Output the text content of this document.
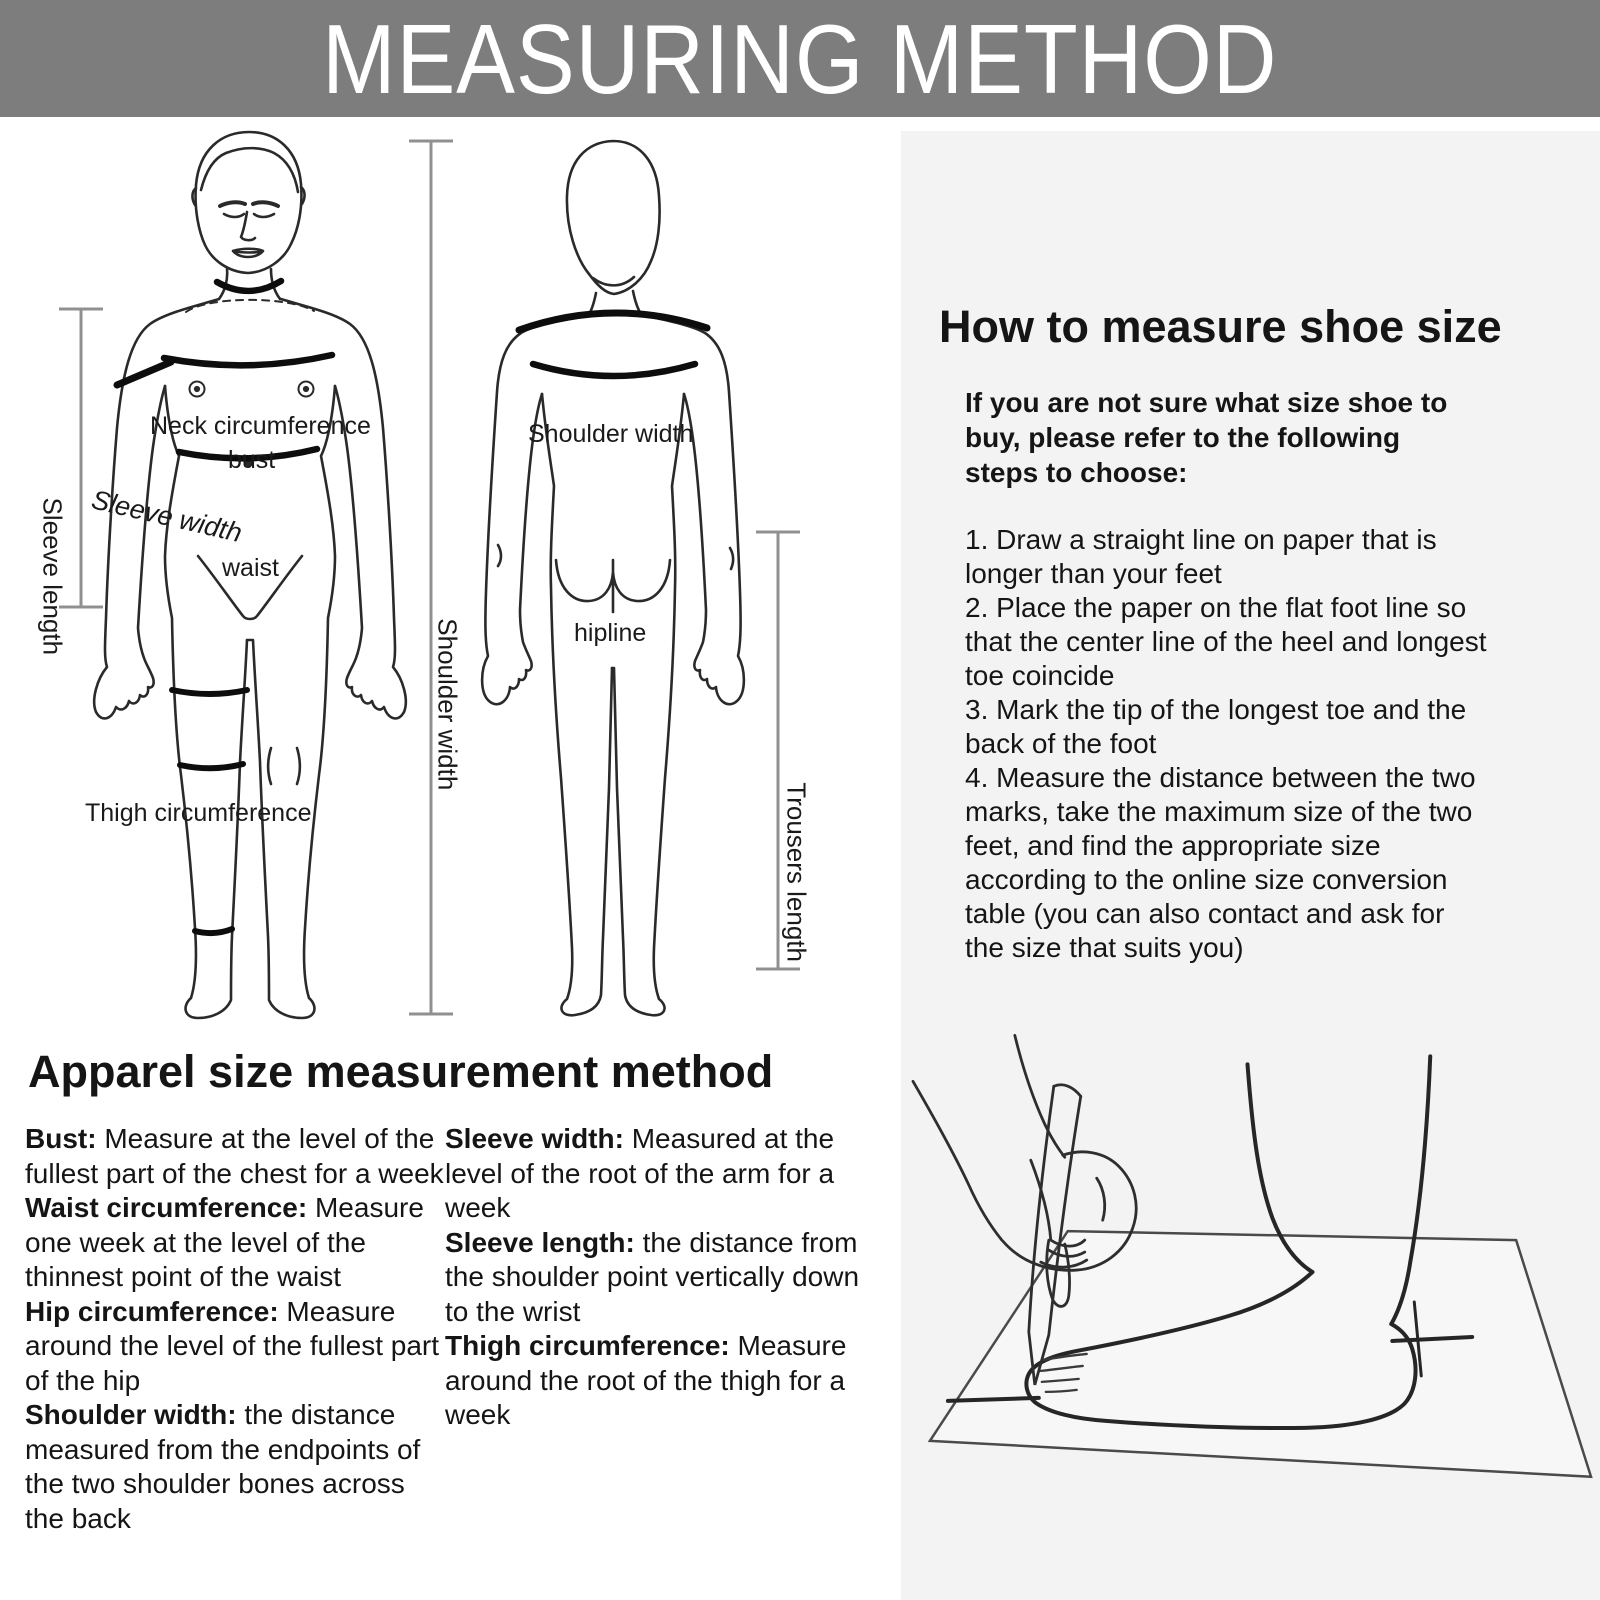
MEASURING METHOD
Neck circumference
bust
Sleeve width
waist
Thigh circumference
Shoulder width
hipline
Sleeve length
Shoulder width
Trousers length
Apparel size measurement method

Bust: Measure at the level of the fullest part of the chest for a week

Waist circumference: Measure one week at the level of the thinnest point of the waist

Hip circumference: Measure around the level of the fullest part of the hip

Shoulder width: the distance measured from the endpoints of the two shoulder bones across the back

Sleeve width: Measured at the level of the root of the arm for a week

Sleeve length: the distance from the shoulder point vertically down to the wrist

Thigh circumference: Measure around the root of the thigh for a week

How to measure shoe size
If you are not sure what size shoe to buy, please refer to the following steps to choose:

1. Draw a straight line on paper that is longer than your feet

2. Place the paper on the flat foot line so that the center line of the heel and longest toe coincide

3. Mark the tip of the longest toe and the back of the foot

4. Measure the distance between the two marks, take the maximum size of the two feet, and find the appropriate size according to the online size conversion table (you can also contact and ask for the size that suits you)
